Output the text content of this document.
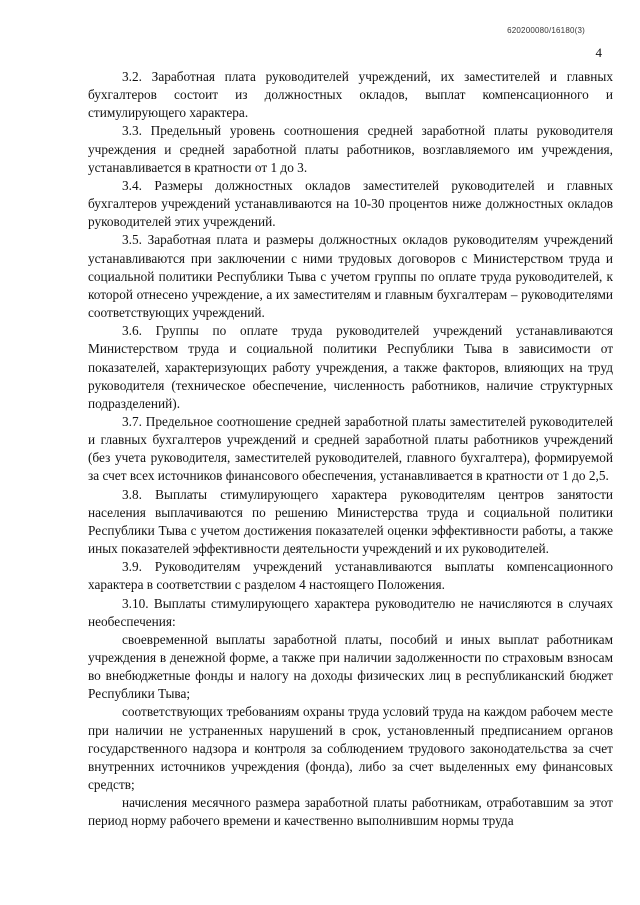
620200080/16180(3)
4

3.2. Заработная плата руководителей учреждений, их заместителей и главных бухгалтеров состоит из должностных окладов, выплат компенсационного и стимулирующего характера.

3.3. Предельный уровень соотношения средней заработной платы руководителя учреждения и средней заработной платы работников, возглавляемого им учреждения, устанавливается в кратности от 1 до 3.

3.4. Размеры должностных окладов заместителей руководителей и главных бухгалтеров учреждений устанавливаются на 10-30 процентов ниже должностных окладов руководителей этих учреждений.

3.5. Заработная плата и размеры должностных окладов руководителям учреждений устанавливаются при заключении с ними трудовых договоров с Министерством труда и социальной политики Республики Тыва с учетом группы по оплате труда руководителей, к которой отнесено учреждение, а их заместителям и главным бухгалтерам – руководителями соответствующих учреждений.

3.6. Группы по оплате труда руководителей учреждений устанавливаются Министерством труда и социальной политики Республики Тыва в зависимости от показателей, характеризующих работу учреждения, а также факторов, влияющих на труд руководителя (техническое обеспечение, численность работников, наличие структурных подразделений).

3.7. Предельное соотношение средней заработной платы заместителей руководителей и главных бухгалтеров учреждений и средней заработной платы работников учреждений (без учета руководителя, заместителей руководителей, главного бухгалтера), формируемой за счет всех источников финансового обеспечения, устанавливается в кратности от 1 до 2,5.

3.8. Выплаты стимулирующего характера руководителям центров занятости населения выплачиваются по решению Министерства труда и социальной политики Республики Тыва с учетом достижения показателей оценки эффективности работы, а также иных показателей эффективности деятельности учреждений и их руководителей.

3.9. Руководителям учреждений устанавливаются выплаты компенсационного характера в соответствии с разделом 4 настоящего Положения.

3.10. Выплаты стимулирующего характера руководителю не начисляются в случаях необеспечения:

своевременной выплаты заработной платы, пособий и иных выплат работникам учреждения в денежной форме, а также при наличии задолженности по страховым взносам во внебюджетные фонды и налогу на доходы физических лиц в республиканский бюджет Республики Тыва;

соответствующих требованиям охраны труда условий труда на каждом рабочем месте при наличии не устраненных нарушений в срок, установленный предписанием органов государственного надзора и контроля за соблюдением трудового законодательства за счет внутренних источников учреждения (фонда), либо за счет выделенных ему финансовых средств;

начисления месячного размера заработной платы работникам, отработавшим за этот период норму рабочего времени и качественно выполнившим нормы труда
